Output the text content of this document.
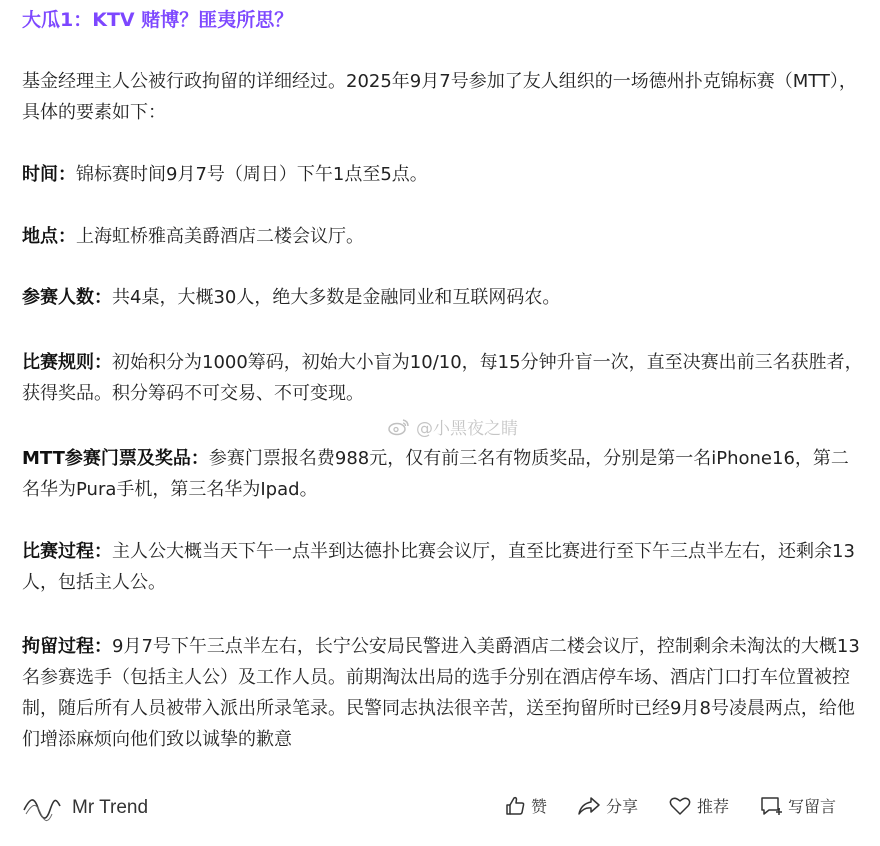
大瓜1：KTV 赌博？匪夷所思？
基金经理主人公被行政拘留的详细经过。2025年9月7号参加了友人组织的一场德州扑克锦标赛（MTT），具体的要素如下：
时间：锦标赛时间9月7号（周日）下午1点至5点。
地点：上海虹桥雅高美爵酒店二楼会议厅。
参赛人数：共4桌，大概30人，绝大多数是金融同业和互联网码农。
比赛规则：初始积分为1000筹码，初始大小盲为10/10，每15分钟升盲一次，直至决赛出前三名获胜者，获得奖品。积分筹码不可交易、不可变现。
MTT参赛门票及奖品：参赛门票报名费988元，仅有前三名有物质奖品，分别是第一名iPhone16，第二名华为Pura手机，第三名华为Ipad。
比赛过程：主人公大概当天下午一点半到达德扑比赛会议厅，直至比赛进行至下午三点半左右，还剩余13人，包括主人公。
拘留过程：9月7号下午三点半左右，长宁公安局民警进入美爵酒店二楼会议厅，控制剩余未淘汰的大概13名参赛选手（包括主人公）及工作人员。前期淘汰出局的选手分别在酒店停车场、酒店门口打车位置被控制，随后所有人员被带入派出所录笔录。民警同志执法很辛苦，送至拘留所时已经9月8号凌晨两点，给他们增添麻烦向他们致以诚挚的歉意
@小黑夜之睛
Mr Trend	赞	分享	推荐	写留言
